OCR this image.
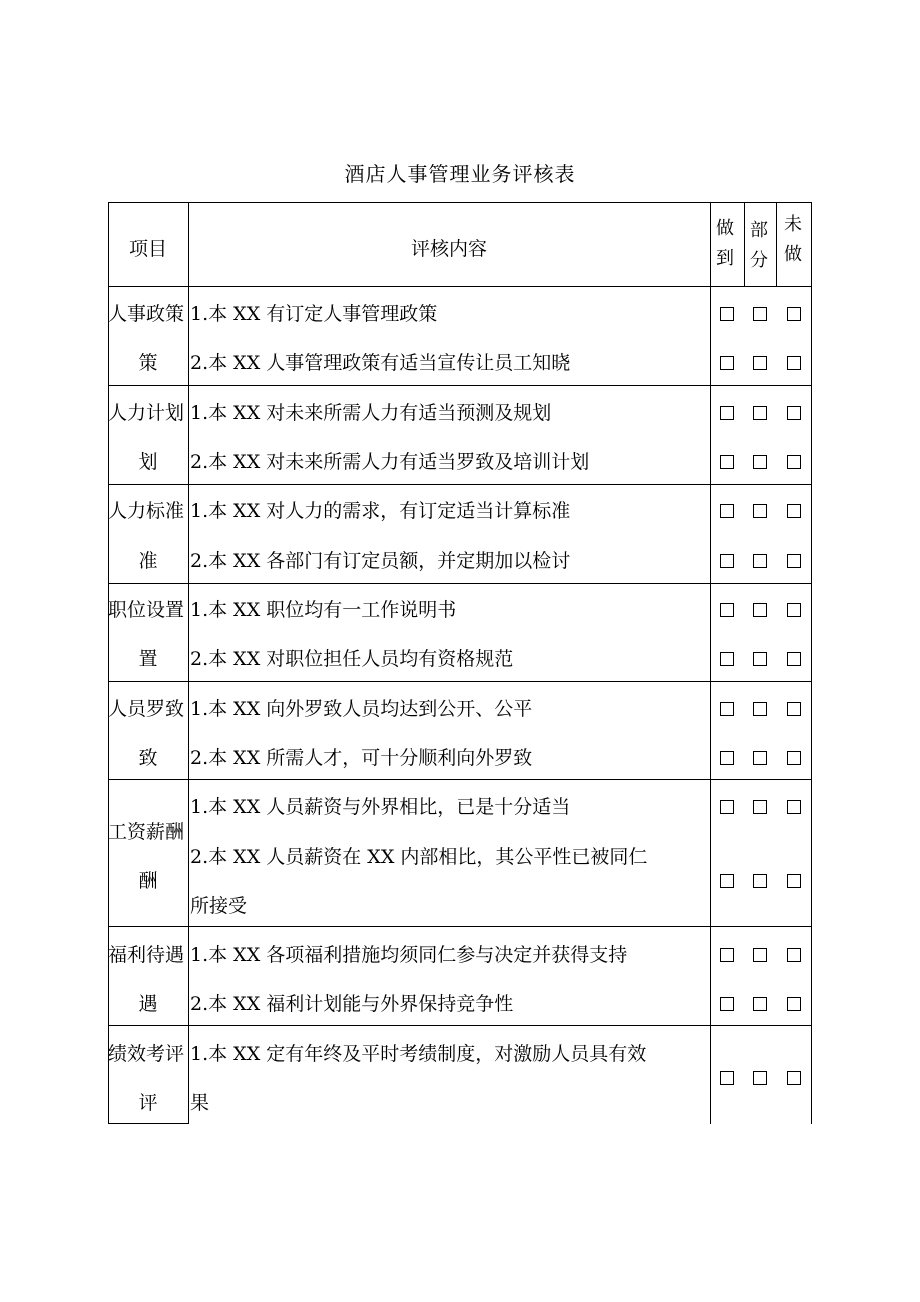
酒店人事管理业务评核表
项目	评核内容
做
到
部
分
未
做
人事政策
策
1.本 XX 有订定人事管理政策
2.本 XX 人事管理政策有适当宣传让员工知晓
人力计划
划
1.本 XX 对未来所需人力有适当预测及规划
2.本 XX 对未来所需人力有适当罗致及培训计划
人力标准
准
1.本 XX 对人力的需求，有订定适当计算标准
2.本 XX 各部门有订定员额，并定期加以检讨
职位设置
置
1.本 XX 职位均有一工作说明书
2.本 XX 对职位担任人员均有资格规范
人员罗致
致
1.本 XX 向外罗致人员均达到公开、公平
2.本 XX 所需人才，可十分顺利向外罗致
工资薪酬
酬
1.本 XX 人员薪资与外界相比，已是十分适当
2.本 XX 人员薪资在 XX 内部相比，其公平性已被同仁
所接受
福利待遇
遇
1.本 XX 各项福利措施均须同仁参与决定并获得支持
2.本 XX 福利计划能与外界保持竞争性
绩效考评
评
1.本 XX 定有年终及平时考绩制度，对激励人员具有效
果
